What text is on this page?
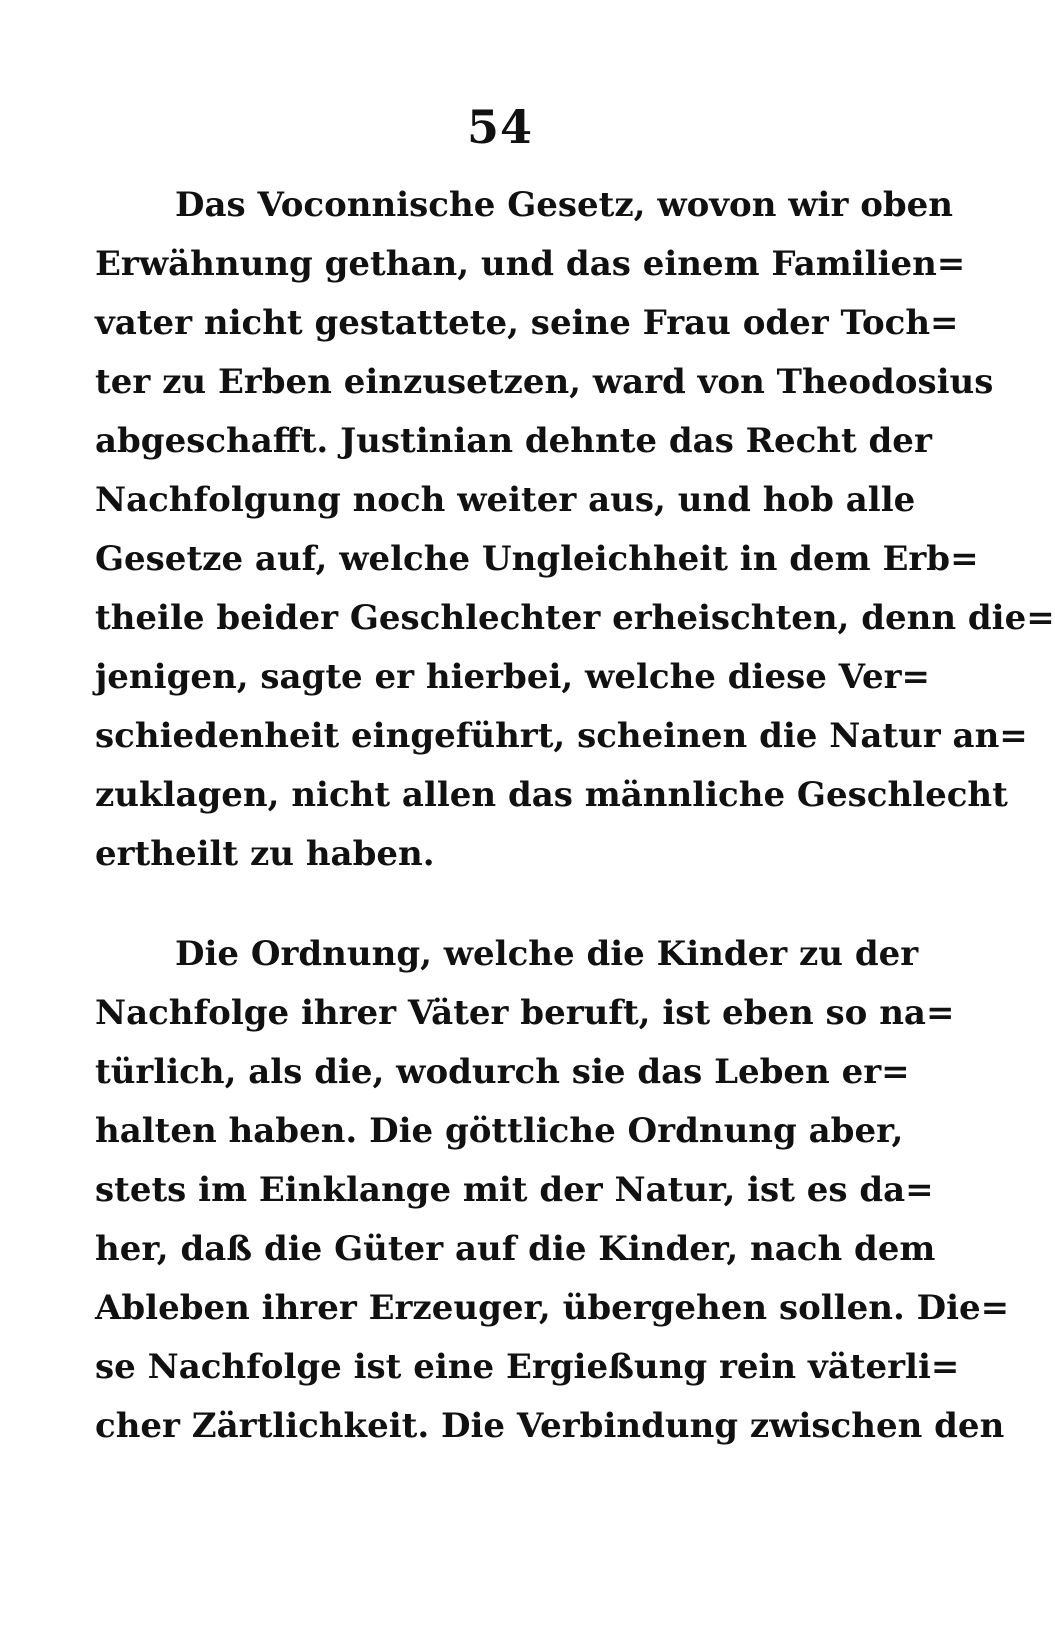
54
Das Voconnische Gesetz, wovon wir oben
Erwähnung gethan, und das einem Familien=
vater nicht gestattete, seine Frau oder Toch=
ter zu Erben einzusetzen, ward von Theodosius
abgeschafft. Justinian dehnte das Recht der
Nachfolgung noch weiter aus, und hob alle
Gesetze auf, welche Ungleichheit in dem Erb=
theile beider Geschlechter erheischten, denn die=
jenigen, sagte er hierbei, welche diese Ver=
schiedenheit eingeführt, scheinen die Natur an=
zuklagen, nicht allen das männliche Geschlecht
ertheilt zu haben.
Die Ordnung, welche die Kinder zu der
Nachfolge ihrer Väter beruft, ist eben so na=
türlich, als die, wodurch sie das Leben er=
halten haben. Die göttliche Ordnung aber,
stets im Einklange mit der Natur, ist es da=
her, daß die Güter auf die Kinder, nach dem
Ableben ihrer Erzeuger, übergehen sollen. Die=
se Nachfolge ist eine Ergießung rein väterli=
cher Zärtlichkeit. Die Verbindung zwischen den
